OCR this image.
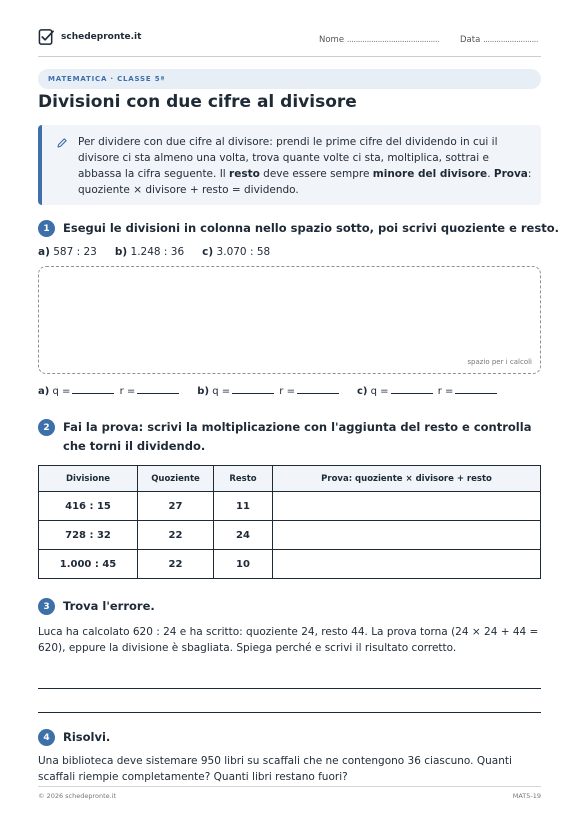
schedepronte.it	Nome .......................................... Data .........................
MATEMATICA · CLASSE 5ª
Divisioni con due cifre al divisore
Per dividere con due cifre al divisore: prendi le prime cifre del dividendo in cui il divisore ci sta almeno una volta, trova quante volte ci sta, moltiplica, sottrai e abbassa la cifra seguente. Il resto deve essere sempre minore del divisore. Prova: quoziente × divisore + resto = dividendo.
1	Esegui le divisioni in colonna nello spazio sotto, poi scrivi quoziente e resto.
a) 587 : 23 b) 1.248 : 36 c) 3.070 : 58
spazio per i calcoli
a) q =	r =	b) q =	r =	c) q =	r =
2	Fai la prova: scrivi la moltiplicazione con l'aggiunta del resto e controlla che torni il dividendo.
Divisione	Quoziente	Resto	Prova: quoziente × divisore + resto
416 : 15	27	11	
728 : 32	22	24	
1.000 : 45	22	10	
3	Trova l'errore.
Luca ha calcolato 620 : 24 e ha scritto: quoziente 24, resto 44. La prova torna (24 × 24 + 44 = 620), eppure la divisione è sbagliata. Spiega perché e scrivi il risultato corretto.
4	Risolvi.
Una biblioteca deve sistemare 950 libri su scaffali che ne contengono 36 ciascuno. Quanti scaffali riempie completamente? Quanti libri restano fuori?
© 2026 schedepronte.it	MAT5-19
